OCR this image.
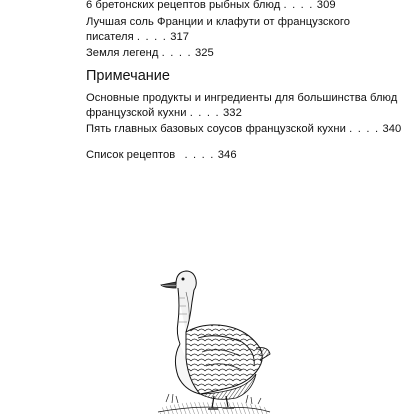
6 бретонских рецептов рыбных блюд . . . . 309
Лучшая соль Франции и клафути от французского
писателя . . . . 317
Земля легенд . . . . 325
Примечание
Основные продукты и ингредиенты для большинства блюд
французской кухни . . . . 332
Пять главных базовых соусов французской кухни . . . . 340
Список рецептов . . . . 346
